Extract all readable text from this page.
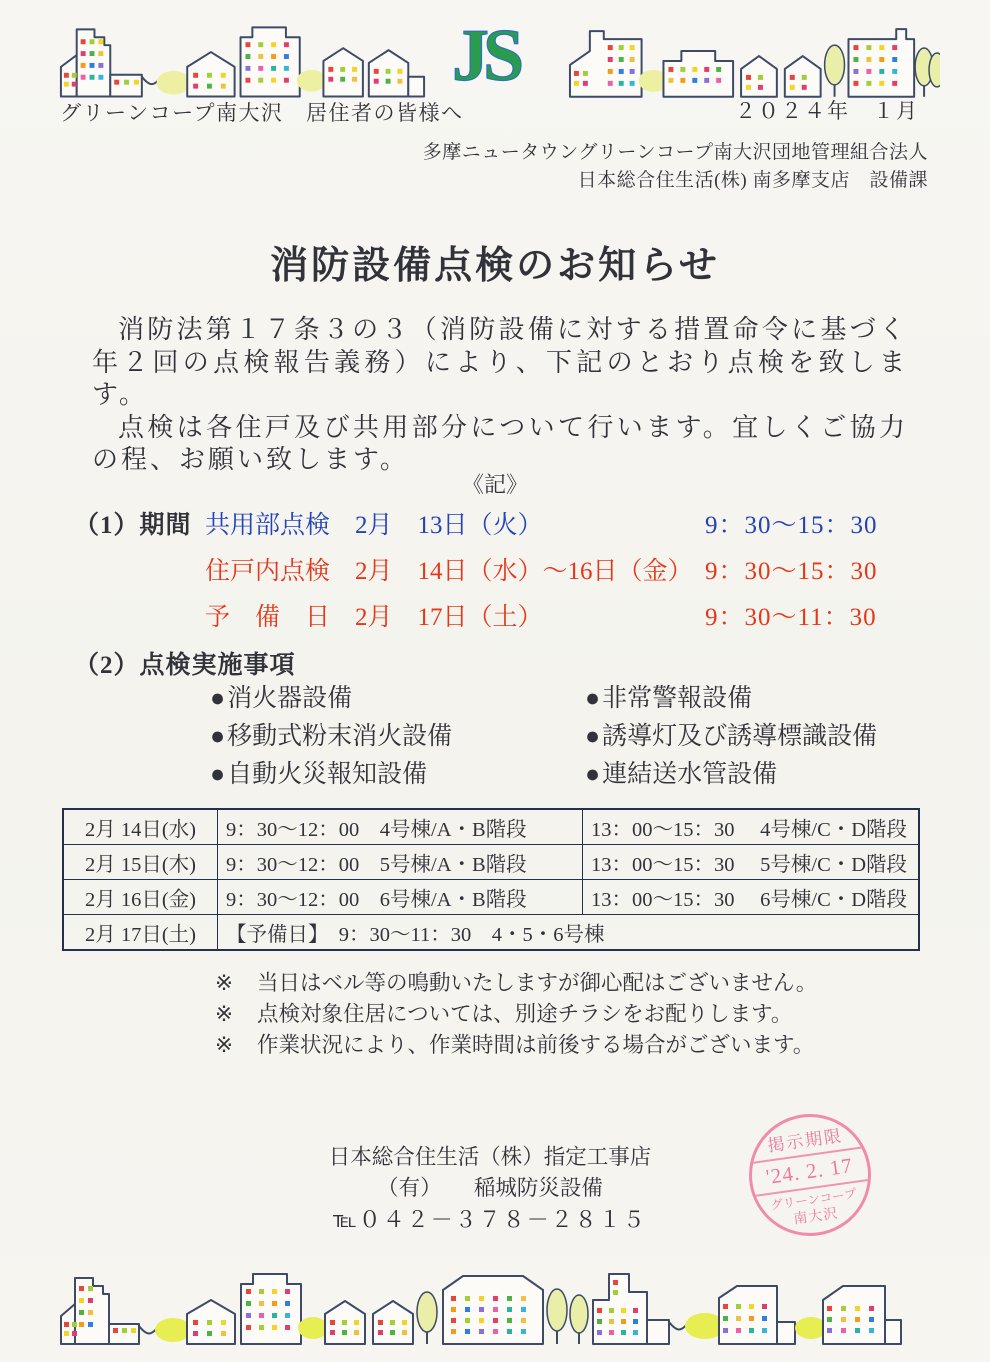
JS
グリーンコープ南大沢　居住者の皆様へ	２０２４年　１月
多摩ニュータウングリーンコープ南大沢団地管理組合法人
日本総合住生活(株) 南多摩支店　設備課
消防設備点検のお知らせ

消防法第１７条３の３（消防設備に対する措置命令に基づく年２回の点検報告義務）により、下記のとおり点検を致します。

点検は各住戸及び共用部分について行います。宜しくご協力の程、お願い致します。

《記》
（1）期間 共用部点検 2月　13日（火）	9：30～15：30
住戸内点検 2月　14日（水）～16日（金） 9：30～15：30
予　備　日 2月　17日（土）	9：30～11：30
（2）点検実施事項
●消火器設備
●移動式粉末消火設備
●自動火災報知設備
●非常警報設備
●誘導灯及び誘導標識設備
●連結送水管設備
2月 14日(水)	9：30～12：00　4号棟/A・B階段	13：00～15：30　 4号棟/C・D階段
2月 15日(木)	9：30～12：00　5号棟/A・B階段	13：00～15：30　 5号棟/C・D階段
2月 16日(金)	9：30～12：00　6号棟/A・B階段	13：00～15：30　 6号棟/C・D階段
2月 17日(土)	【予備日】　9：30～11：30　4・5・6号棟	
※	当日はベル等の鳴動いたしますが御心配はございません。
※	点検対象住居については、別途チラシをお配りします。
※	作業状況により、作業時間は前後する場合がございます。
日本総合住生活（株）指定工事店
（有）　　稲城防災設備
℡０４２－３７８－２８１５
掲示期限
'24. 2. 17
グリーンコープ
南大沢
